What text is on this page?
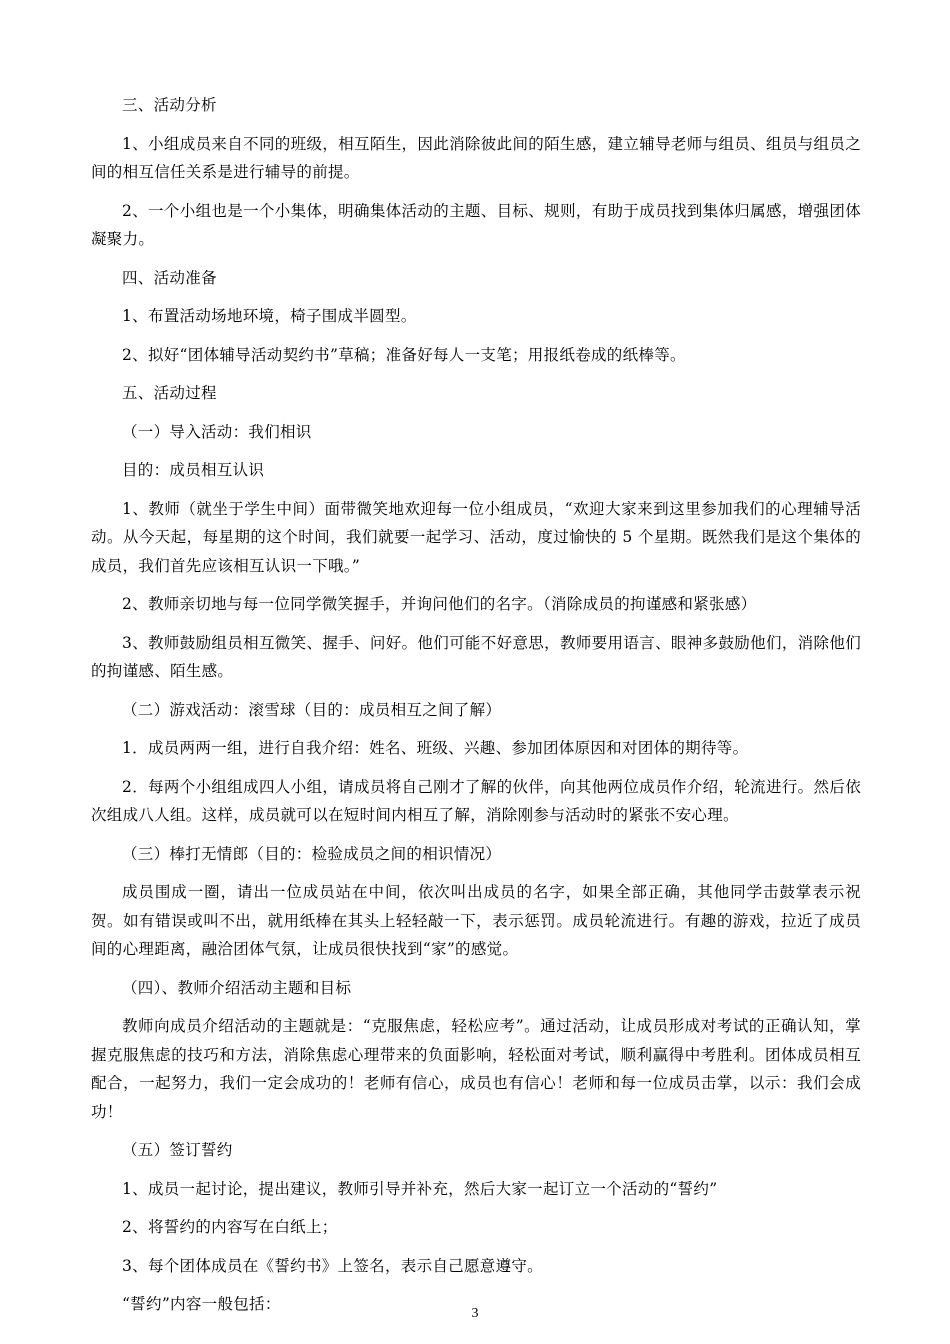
三、活动分析

1、小组成员来自不同的班级，相互陌生，因此消除彼此间的陌生感，建立辅导老师与组员、组员与组员之间的相互信任关系是进行辅导的前提。

2、一个小组也是一个小集体，明确集体活动的主题、目标、规则，有助于成员找到集体归属感，增强团体凝聚力。

四、活动准备

1、布置活动场地环境，椅子围成半圆型。

2、拟好“团体辅导活动契约书”草稿；准备好每人一支笔；用报纸卷成的纸棒等。

五、活动过程

（一）导入活动：我们相识

目的：成员相互认识

1、教师（就坐于学生中间）面带微笑地欢迎每一位小组成员，“欢迎大家来到这里参加我们的心理辅导活动。从今天起，每星期的这个时间，我们就要一起学习、活动，度过愉快的 5 个星期。既然我们是这个集体的成员，我们首先应该相互认识一下哦。”

2、教师亲切地与每一位同学微笑握手，并询问他们的名字。（消除成员的拘谨感和紧张感）

3、教师鼓励组员相互微笑、握手、问好。他们可能不好意思，教师要用语言、眼神多鼓励他们，消除他们的拘谨感、陌生感。

（二）游戏活动：滚雪球（目的：成员相互之间了解）

1．成员两两一组，进行自我介绍：姓名、班级、兴趣、参加团体原因和对团体的期待等。

2．每两个小组组成四人小组，请成员将自己刚才了解的伙伴，向其他两位成员作介绍，轮流进行。然后依次组成八人组。这样，成员就可以在短时间内相互了解，消除刚参与活动时的紧张不安心理。

（三）棒打无情郎（目的：检验成员之间的相识情况）

成员围成一圈，请出一位成员站在中间，依次叫出成员的名字，如果全部正确，其他同学击鼓掌表示祝贺。如有错误或叫不出，就用纸棒在其头上轻轻敲一下，表示惩罚。成员轮流进行。有趣的游戏，拉近了成员间的心理距离，融洽团体气氛，让成员很快找到“家”的感觉。

（四）、教师介绍活动主题和目标

教师向成员介绍活动的主题就是：“克服焦虑，轻松应考”。通过活动，让成员形成对考试的正确认知，掌握克服焦虑的技巧和方法，消除焦虑心理带来的负面影响，轻松面对考试，顺利赢得中考胜利。团体成员相互配合，一起努力，我们一定会成功的！老师有信心，成员也有信心！老师和每一位成员击掌，以示：我们会成功！

（五）签订誓约

1、成员一起讨论，提出建议，教师引导并补充，然后大家一起订立一个活动的“誓约”

2、将誓约的内容写在白纸上；

3、每个团体成员在《誓约书》上签名，表示自己愿意遵守。

“誓约”内容一般包括：

3
